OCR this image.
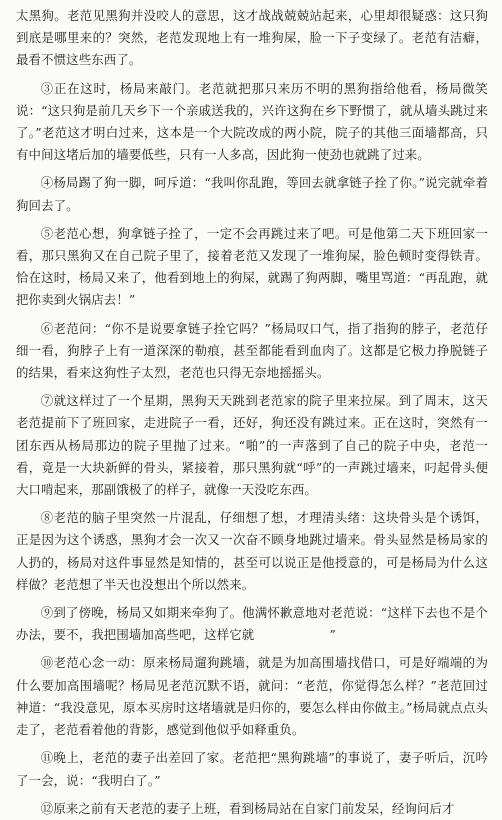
太黑狗。老范见黑狗并没咬人的意思，这才战战兢兢站起来，心里却很疑惑：这只狗到底是哪里来的？突然，老范发现地上有一堆狗屎，脸一下子变绿了。老范有洁癖，最看不惯这些东西了。

③正在这时，杨局来敲门。老范就把那只来历不明的黑狗指给他看，杨局微笑说：“这只狗是前几天乡下一个亲戚送我的，兴许这狗在乡下野惯了，就从墙头跳过来了。”老范这才明白过来，这本是一个大院改成的两小院，院子的其他三面墙都高，只有中间这堵后加的墙要低些，只有一人多高，因此狗一使劲也就跳了过来。

④杨局踢了狗一脚，呵斥道：“我叫你乱跑，等回去就拿链子拴了你。”说完就牵着狗回去了。

⑤老范心想，狗拿链子拴了，一定不会再跳过来了吧。可是他第二天下班回家一看，那只黑狗又在自己院子里了，接着老范又发现了一堆狗屎，脸色顿时变得铁青。恰在这时，杨局又来了，他看到地上的狗屎，就踢了狗两脚，嘴里骂道：“再乱跑，就把你卖到火锅店去！”

⑥老范问：“你不是说要拿链子拴它吗？”杨局叹口气，指了指狗的脖子，老范仔细一看，狗脖子上有一道深深的勒痕，甚至都能看到血肉了。这都是它极力挣脱链子的结果，看来这狗性子太烈，老范也只得无奈地摇摇头。

⑦就这样过了一个星期，黑狗天天跳到老范家的院子里来拉屎。到了周末，这天老范提前下了班回家，走进院子一看，还好，狗还没有跳过来。正在这时，突然有一团东西从杨局那边的院子里抛了过来。“啪”的一声落到了自己的院子中央，老范一看，竟是一大块新鲜的骨头，紧接着，那只黑狗就“呼”的一声跳过墙来，叼起骨头便大口啃起来，那副饿极了的样子，就像一天没吃东西。

⑧老范的脑子里突然一片混乱，仔细想了想，才理清头绪：这块骨头是个诱饵，正是因为这个诱惑，黑狗才会一次又一次奋不顾身地跳过墙来。骨头显然是杨局家的人扔的，杨局对这件事显然是知情的，甚至可以说正是他授意的，可是杨局为什么这样做？老范想了半天也没想出个所以然来。

⑨到了傍晚，杨局又如期来牵狗了。他满怀歉意地对老范说：“这样下去也不是个办法，要不，我把围墙加高些吧，这样它就　　　　　　”

⑩老范心念一动：原来杨局遛狗跳墙，就是为加高围墙找借口，可是好端端的为什么要加高围墙呢？杨局见老范沉默不语，就问：“老范，你觉得怎么样？”老范回过神道：“我没意见，原本买房时这堵墙就是归你的，要怎么样由你做主。”杨局就点点头走了，老范看着他的背影，感觉到他似乎如释重负。

⑪晚上，老范的妻子出差回了家。老范把“黑狗跳墙”的事说了，妻子听后，沉吟了一会，说：“我明白了。”

⑫原来之前有天老范的妻子上班，看到杨局站在自家门前发呆，经询问后才
